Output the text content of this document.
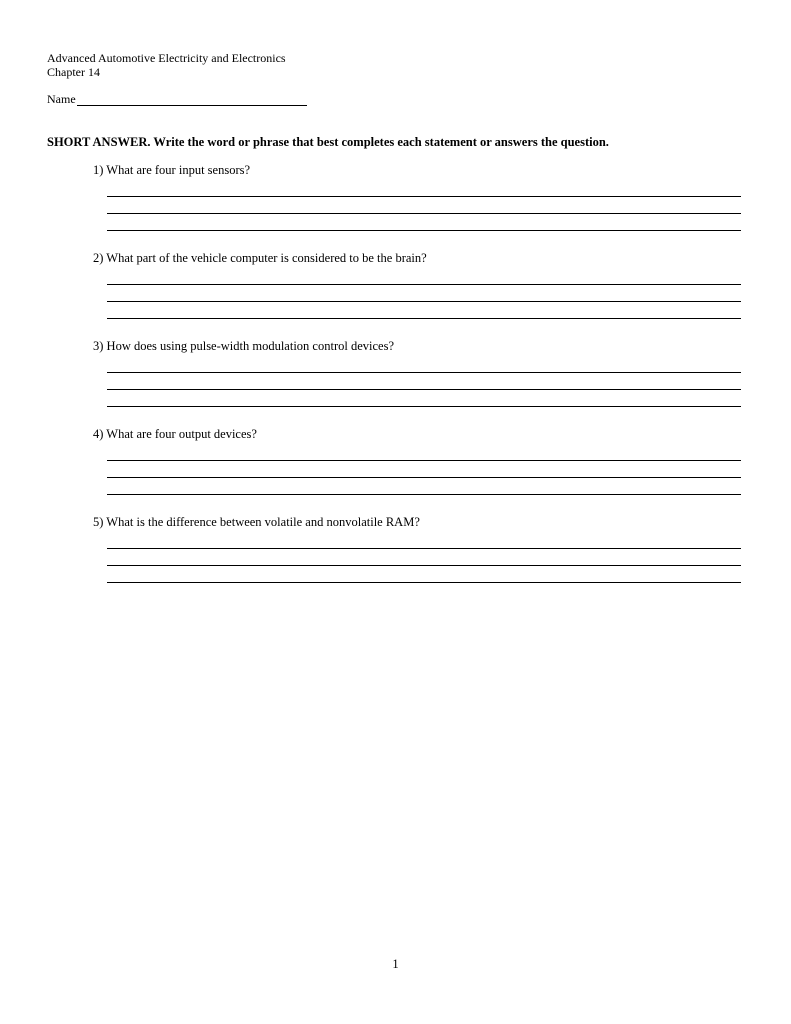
Advanced Automotive Electricity and Electronics
Chapter 14
Name
SHORT ANSWER. Write the word or phrase that best completes each statement or answers the question.
1) What are four input sensors?
2) What part of the vehicle computer is considered to be the brain?
3) How does using pulse-width modulation control devices?
4) What are four output devices?
5) What is the difference between volatile and nonvolatile RAM?
1
